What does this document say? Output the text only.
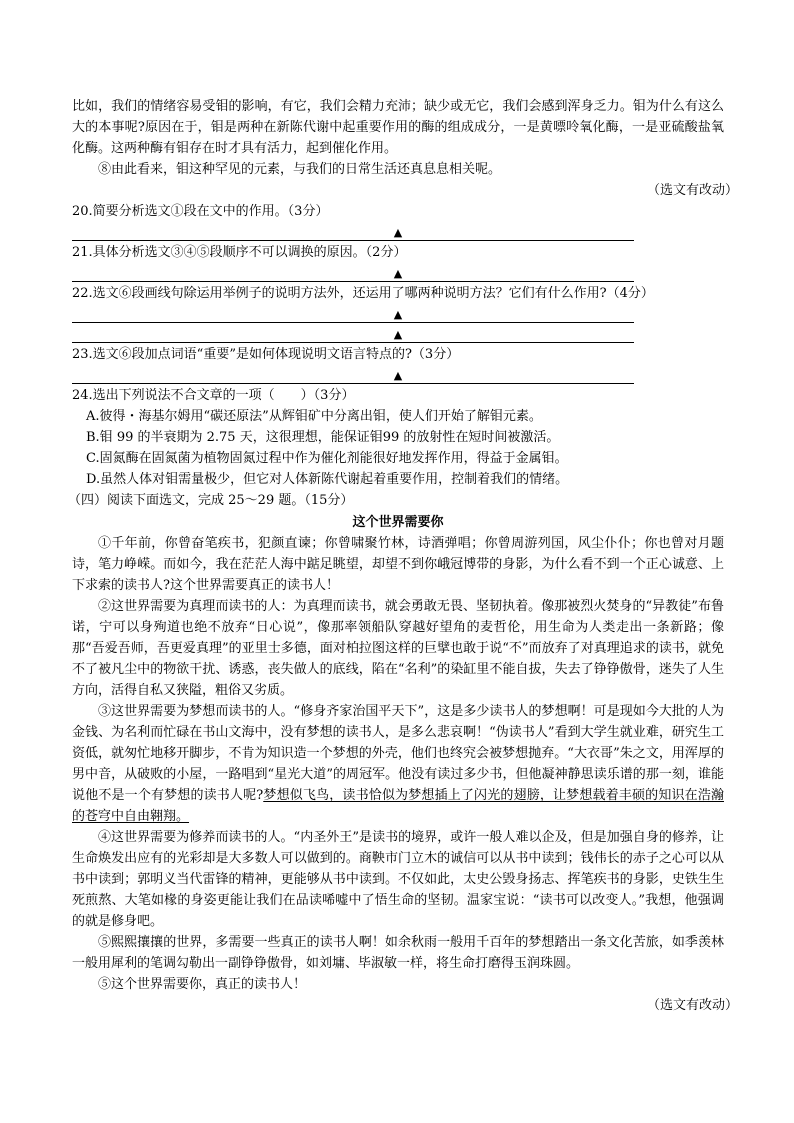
比如，我们的情绪容易受钼的影响，有它，我们会精力充沛；缺少或无它，我们会感到浑身乏力。钼为什么有这么大的本事呢?原因在于，钼是两种在新陈代谢中起重要作用的酶的组成成分，一是黄嘌呤氧化酶，一是亚硫酸盐氧化酶。这两种酶有钼存在时才具有活力，起到催化作用。

⑧由此看来，钼这种罕见的元素，与我们的日常生活还真息息相关呢。

（选文有改动）

20.简要分析选文①段在文中的作用。（3分）

▲

21.具体分析选文③④⑤段顺序不可以调换的原因。（2分）

▲

22.选文⑥段画线句除运用举例子的说明方法外，还运用了哪两种说明方法？它们有什么作用?（4分）

▲
▲

23.选文⑥段加点词语“重要”是如何体现说明文语言特点的?（3分）

▲

24.选出下列说法不合文章的一项（　　）（3分）

A.彼得・海基尔姆用“碳还原法”从辉钼矿中分离出钼，使人们开始了解钼元素。

B.钼 99 的半衰期为 2.75 天，这很理想，能保证钼99 的放射性在短时间被激活。

C.固氮酶在固氮菌为植物固氮过程中作为催化剂能很好地发挥作用，得益于金属钼。

D.虽然人体对钼需量极少，但它对人体新陈代谢起着重要作用，控制着我们的情绪。

（四）阅读下面选文，完成 25～29 题。（15分）

这个世界需要你

①千年前，你曾奋笔疾书，犯颜直谏；你曾啸聚竹林，诗酒弹唱；你曾周游列国，风尘仆仆；你也曾对月题诗，笔力峥嵘。而如今，我在茫茫人海中踮足眺望，却望不到你峨冠博带的身影，为什么看不到一个正心诚意、上下求索的读书人?这个世界需要真正的读书人！

②这世界需要为真理而读书的人：为真理而读书，就会勇敢无畏、坚韧执着。像那被烈火焚身的“异教徒”布鲁诺，宁可以身殉道也绝不放弃“日心说”，像那率领船队穿越好望角的麦哲伦，用生命为人类走出一条新路；像那“吾爱吾师，吾更爱真理”的亚里士多德，面对柏拉图这样的巨擘也敢于说“不”而放弃了对真理追求的读书，就免不了被凡尘中的物欲干扰、诱惑，丧失做人的底线，陷在“名利”的染缸里不能自拔，失去了铮铮傲骨，迷失了人生方向，活得自私又狭隘，粗俗又劣质。

③这世界需要为梦想而读书的人。“修身齐家治国平天下”，这是多少读书人的梦想啊！可是现如今大批的人为金钱、为名利而忙碌在书山文海中，没有梦想的读书人，是多么悲哀啊！“伪读书人”看到大学生就业难，研究生工资低，就匆忙地移开脚步，不肯为知识造一个梦想的外壳，他们也终究会被梦想抛弃。“大衣哥”朱之文，用浑厚的男中音，从破败的小屋，一路唱到“星光大道”的周冠军。他没有读过多少书，但他凝神静思读乐谱的那一刻，谁能说他不是一个有梦想的读书人呢?梦想似飞鸟，读书恰似为梦想插上了闪光的翅膀，让梦想载着丰硕的知识在浩瀚的苍穹中自由翱翔。

④这世界需要为修养而读书的人。“内圣外王”是读书的境界，或许一般人难以企及，但是加强自身的修养，让生命焕发出应有的光彩却是大多数人可以做到的。商鞅市门立木的诚信可以从书中读到；钱伟长的赤子之心可以从书中读到；郭明义当代雷锋的精神，更能够从书中读到。不仅如此，太史公毁身扬志、挥笔疾书的身影，史铁生生死煎熬、大笔如椽的身姿更能让我们在品读唏嘘中了悟生命的坚韧。温家宝说：“读书可以改变人。”我想，他强调的就是修身吧。

⑤熙熙攘攘的世界，多需要一些真正的读书人啊！如余秋雨一般用千百年的梦想踏出一条文化苦旅，如季羡林一般用犀利的笔调勾勒出一副铮铮傲骨，如刘墉、毕淑敏一样，将生命打磨得玉润珠圆。

⑤这个世界需要你，真正的读书人！

（选文有改动）
